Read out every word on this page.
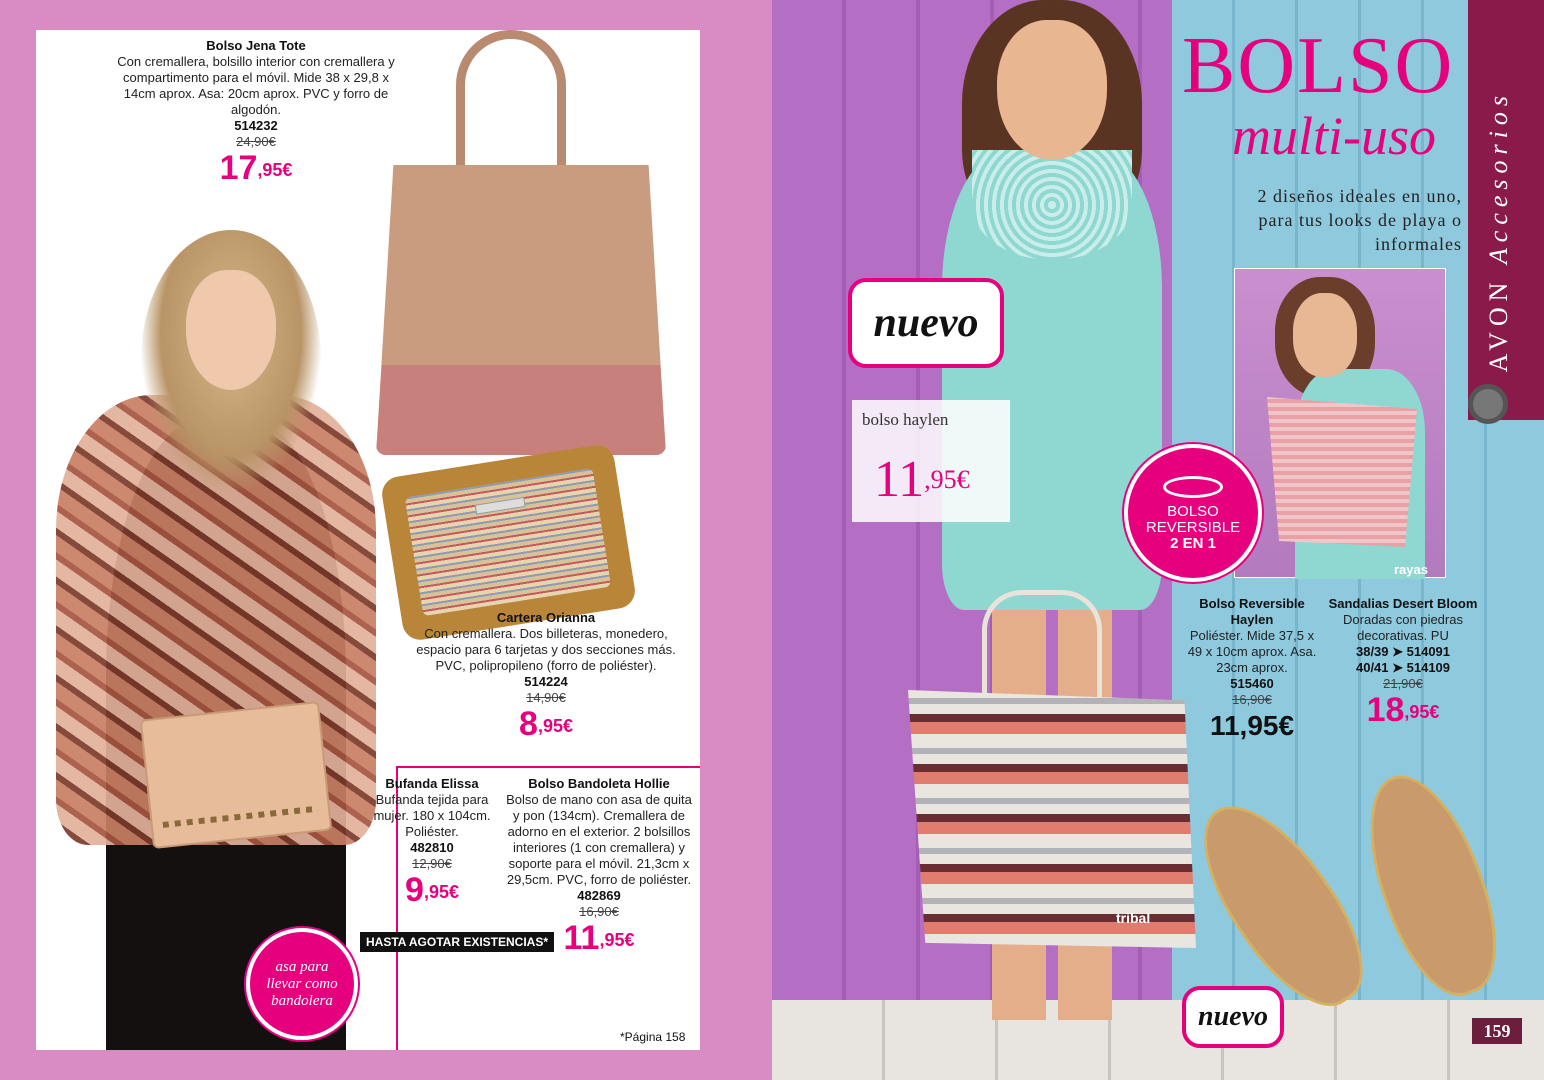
Bolso Jena Tote
Con cremallera, bolsillo interior con cremallera y compartimento para el móvil. Mide 38 x 29,8 x 14cm aprox. Asa: 20cm aprox. PVC y forro de algodón.
514232
24,90€
$17^{,95€}$
Cartera Orianna
Con cremallera. Dos billeteras, monedero, espacio para 6 tarjetas y dos secciones más. PVC, polipropileno (forro de poliéster).
514224
14,90€
$8^{,95€}$
Bufanda Elissa
Bufanda tejida para mujer. 180 x 104cm. Poliéster.
482810
12,90€
$9^{,95€}$
Bolso Bandoleta Hollie
Bolso de mano con asa de quita y pon (134cm). Cremallera de adorno en el exterior. 2 bolsillos interiores (1 con cremallera) y soporte para el móvil. 21,3cm x 29,5cm. PVC, forro de poliéster.
482869
16,90€
$11^{,95€}$
asa para llevar como bandolera
HASTA AGOTAR EXISTENCIAS*
*Página 158
tribal
BOLSO
multi-uso
2 diseños ideales en uno, para tus looks de playa o informales
AVON Accesorios
nuevo
bolso haylen
$11^{,95€}$
rayas
BOLSO
REVERSIBLE

2 EN 1
Bolso Reversible Haylen
Poliéster. Mide 37,5 x 49 x 10cm aprox. Asa. 23cm aprox.
515460
16,90€
11,95€
Sandalias Desert Bloom
Doradas con piedras decorativas. PU
38/39 ➤ 514091
40/41 ➤ 514109
21,90€
$18^{,95€}$
nuevo	159
